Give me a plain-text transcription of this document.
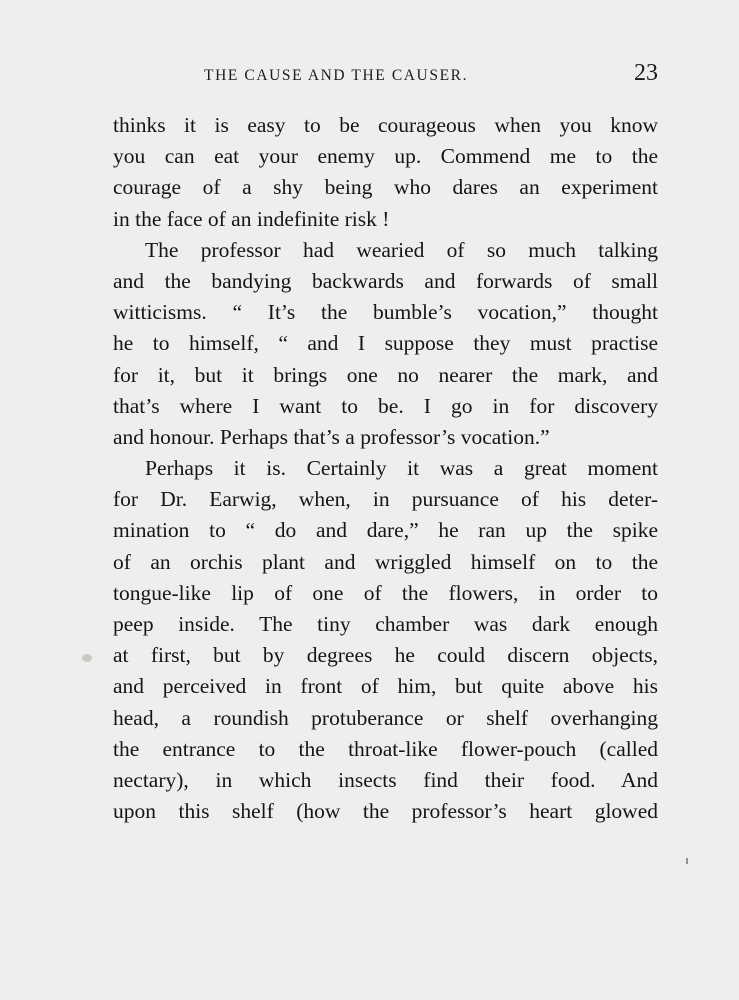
THE CAUSE AND THE CAUSER.	23
thinks it is easy to be courageous when you know
you can eat your enemy up. Commend me to the
courage of a shy being who dares an experiment
in the face of an indefinite risk !
The professor had wearied of so much talking
and the bandying backwards and forwards of small
witticisms. “ It’s the bumble’s vocation,” thought
he to himself, “ and I suppose they must practise
for it, but it brings one no nearer the mark, and
that’s where I want to be. I go in for discovery
and honour. Perhaps that’s a professor’s vocation.”
Perhaps it is. Certainly it was a great moment
for Dr. Earwig, when, in pursuance of his deter-
mination to “ do and dare,” he ran up the spike
of an orchis plant and wriggled himself on to the
tongue-like lip of one of the flowers, in order to
peep inside. The tiny chamber was dark enough
at first, but by degrees he could discern objects,
and perceived in front of him, but quite above his
head, a roundish protuberance or shelf overhanging
the entrance to the throat-like flower-pouch (called
nectary), in which insects find their food. And
upon this shelf (how the professor’s heart glowed
